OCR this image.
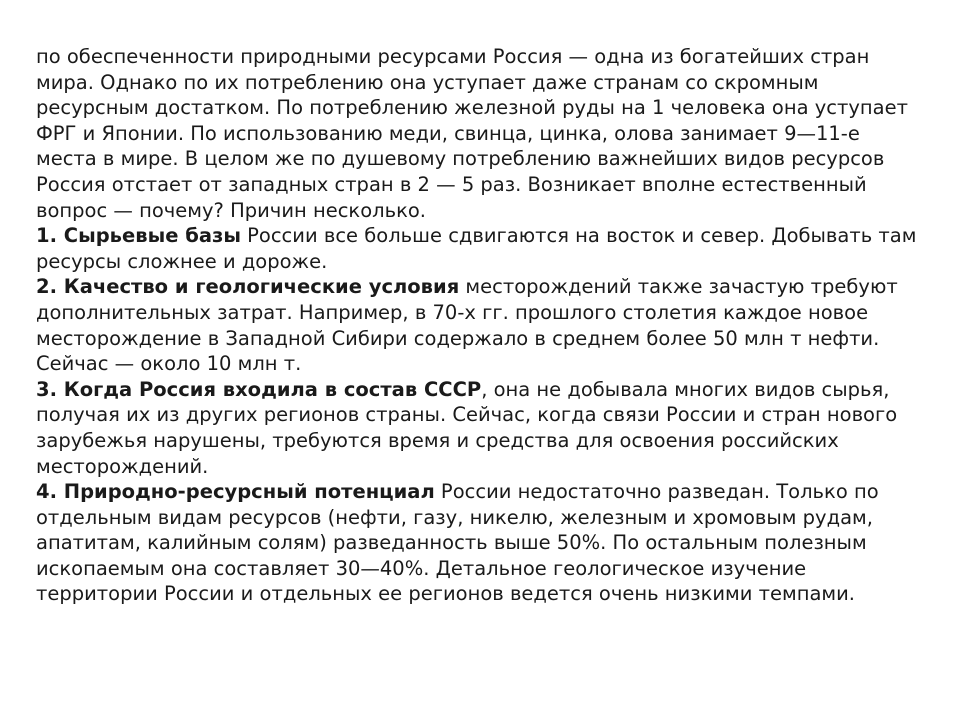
по обеспеченности природными ресурсами Россия — одна из богатейших стран мира. Однако по их потреблению она уступает даже странам со скромным ресурсным достатком. По потреблению железной руды на 1 человека она уступает ФРГ и Японии. По использованию меди, свинца, цинка, олова занимает 9—11-е места в мире. В целом же по душевому потреблению важнейших видов ресурсов Россия отстает от западных стран в 2 — 5 раз. Возникает вполне естественный вопрос — почему? Причин несколько.

1. Сырьевые базы России все больше сдвигаются на восток и север. Добывать там ресурсы сложнее и дороже.

2. Качество и геологические условия месторождений также зачастую требуют дополнительных затрат. Например, в 70-х гг. прошлого столетия каждое новое месторождение в Западной Сибири содержало в среднем более 50 млн т нефти. Сейчас — около 10 млн т.

3. Когда Россия входила в состав СССР, она не добывала многих видов сырья, получая их из других регионов страны. Сейчас, когда связи России и стран нового зарубежья нарушены, требуются время и средства для освоения российских месторождений.

4. Природно-ресурсный потенциал России недостаточно разведан. Только по отдельным видам ресурсов (нефти, газу, никелю, железным и хромовым рудам, апатитам, калийным солям) разведанность выше 50%. По остальным полезным ископаемым она составляет 30—40%. Детальное геологическое изучение территории России и отдельных ее регионов ведется очень низкими темпами.
